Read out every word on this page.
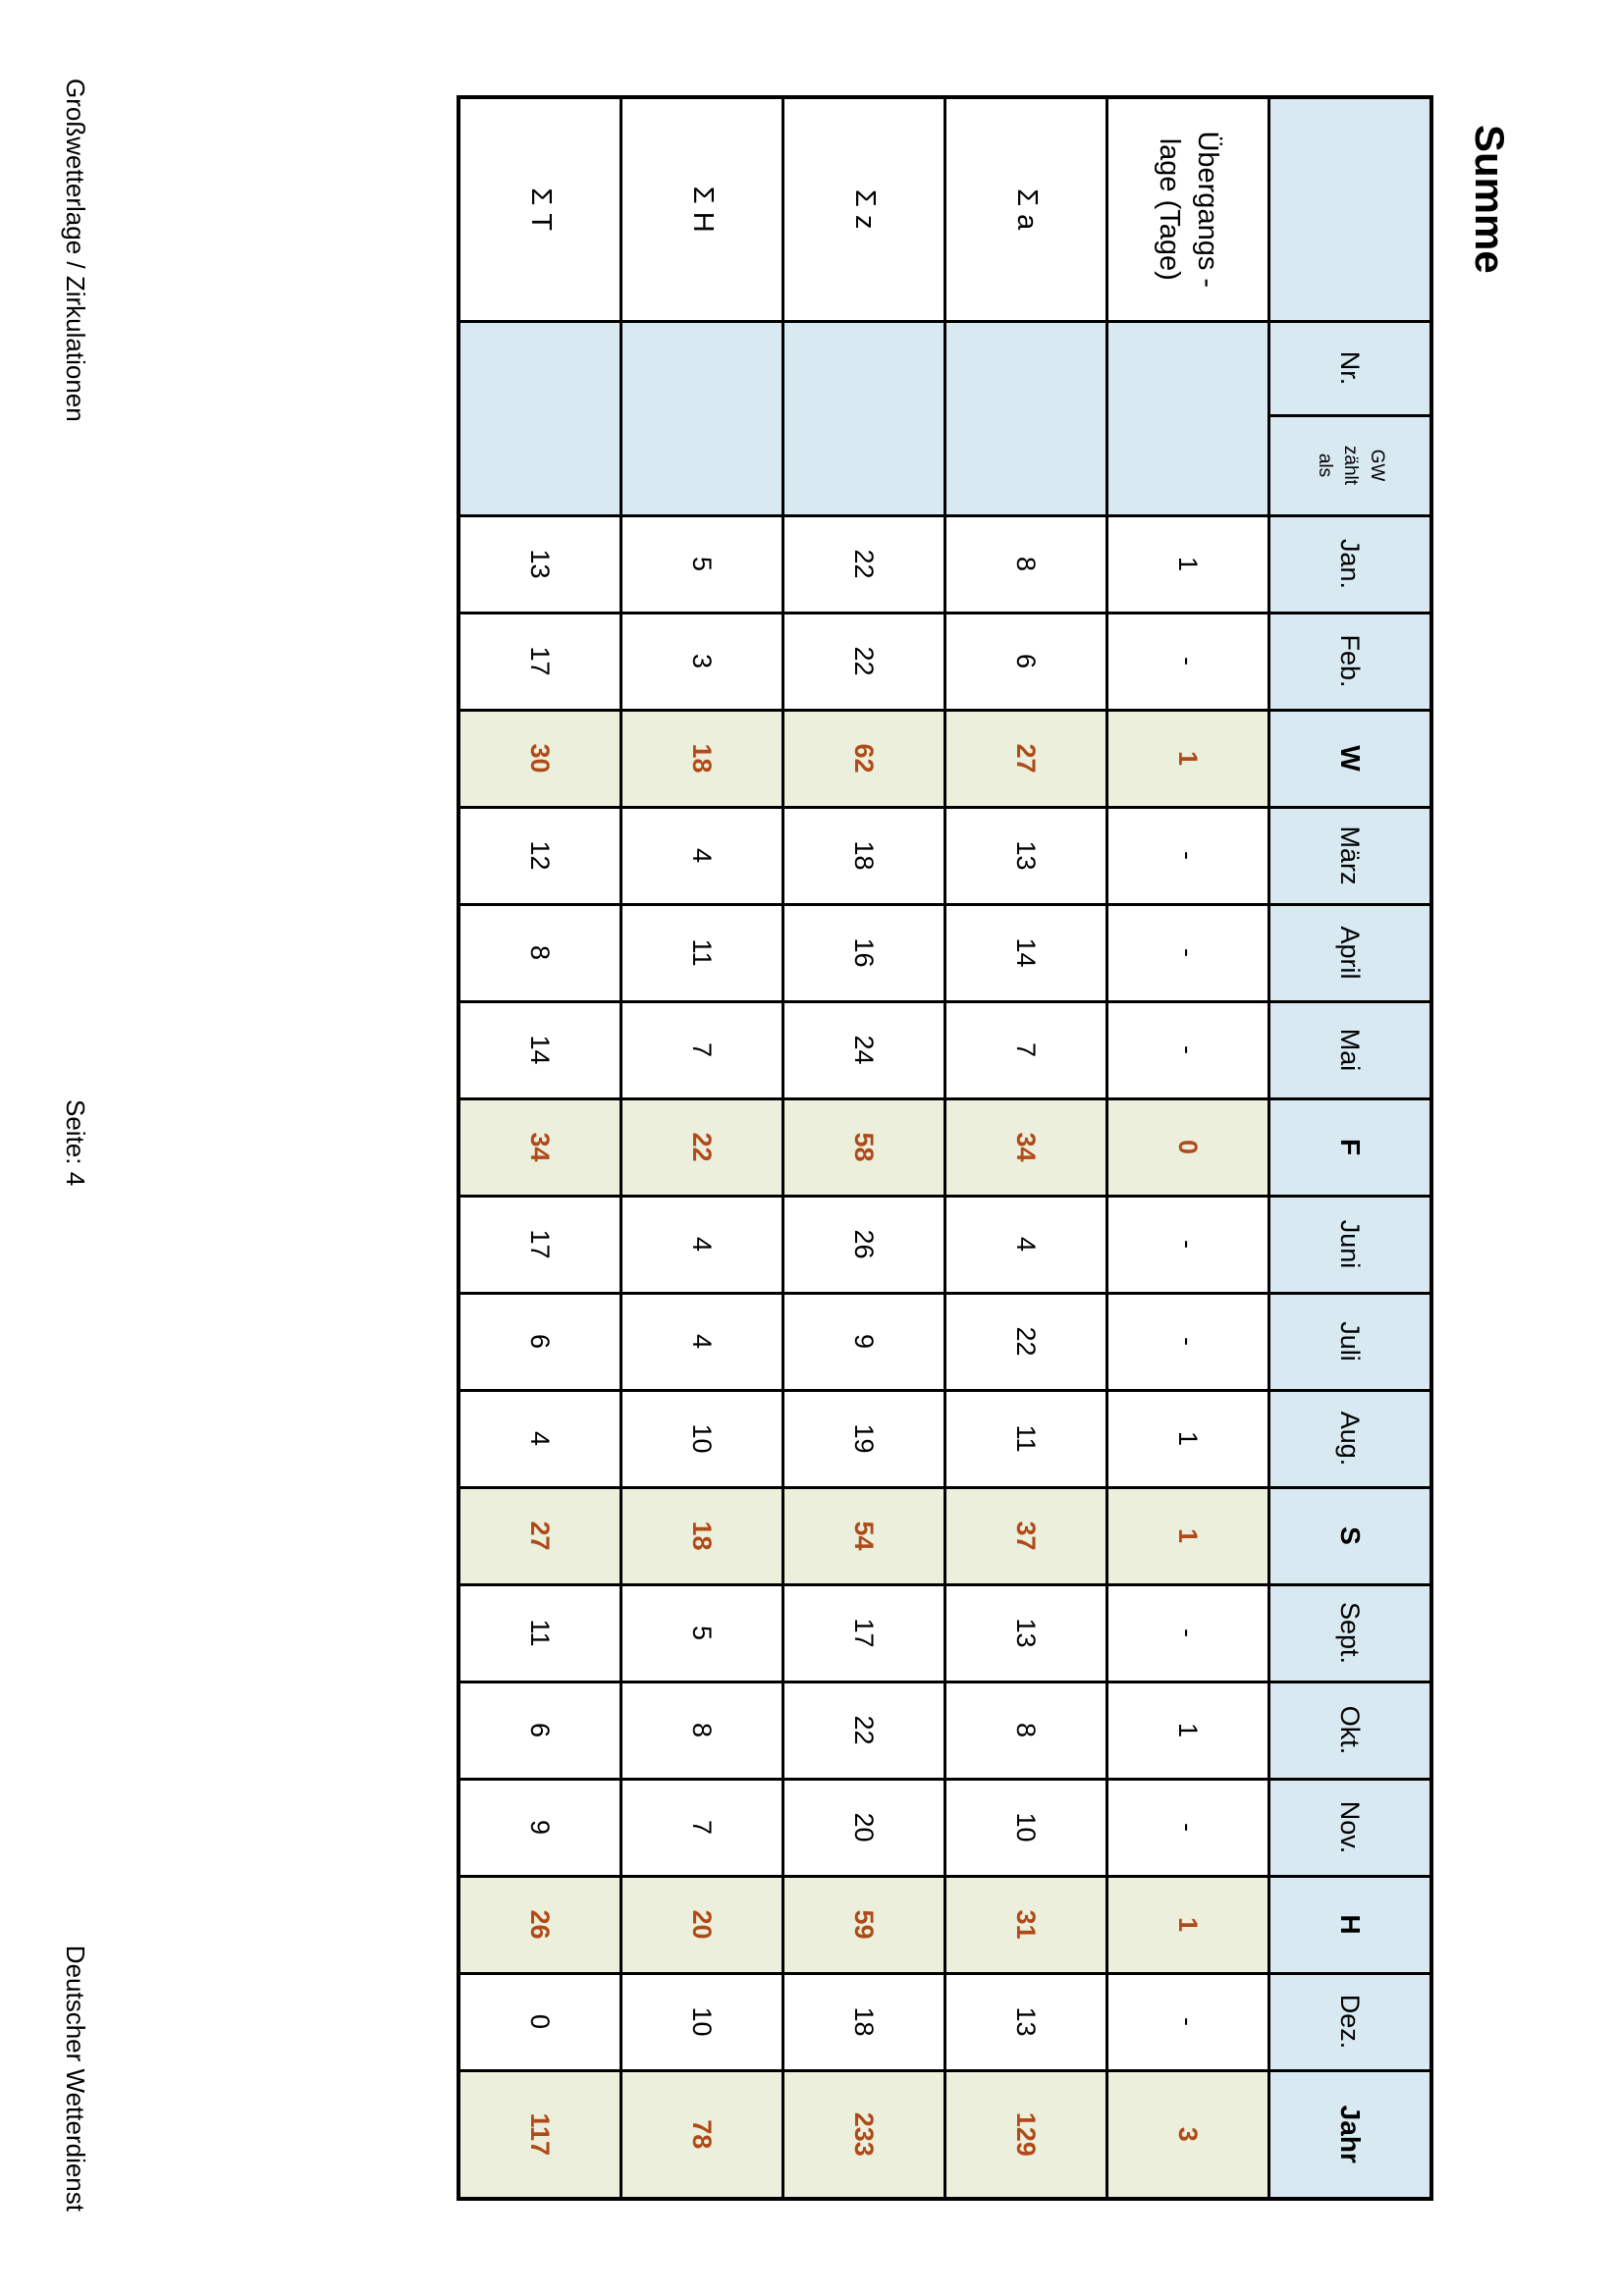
Summe
	Nr.	GW
zählt
als	Jan.	Feb.	W	März	April	Mai	F	Juni	Juli	Aug.	S	Sept.	Okt.	Nov.	H	Dez.	Jahr
Übergangs -
lage (Tage)			1	-	1	-	-	-	0	-	-	1	1	-	1	-	1	-	3
Σ a			8	6	27	13	14	7	34	4	22	11	37	13	8	10	31	13	129
Σ z			22	22	62	18	16	24	58	26	9	19	54	17	22	20	59	18	233
Σ H			5	3	18	4	11	7	22	4	4	10	18	5	8	7	20	10	78
Σ T			13	17	30	12	8	14	34	17	6	4	27	11	6	9	26	0	117
Großwetterlage / Zirkulationen
Seite: 4
Deutscher Wetterdienst
